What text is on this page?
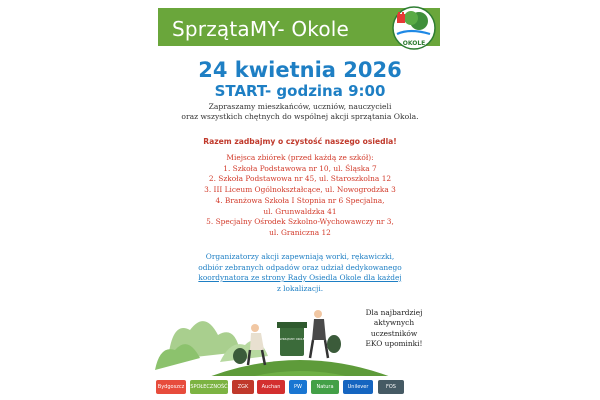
SprzątaMY- Okole
OKOLE
24 kwietnia 2026
START- godzina 9:00
Zapraszamy mieszkańców, uczniów, nauczycieli
oraz wszystkich chętnych do wspólnej akcji sprzątania Okola.
Razem zadbajmy o czystość naszego osiedla!
Miejsca zbiórek (przed każdą ze szkół):
1. Szkoła Podstawowa nr 10, ul. Śląska 7
2. Szkoła Podstawowa nr 45, ul. Staroszkolna 12
3. III Liceum Ogólnokształcące, ul. Nowogrodzka 3
4. Branżowa Szkoła I Stopnia nr 6 Specjalna,
ul. Grunwaldzka 41
5. Specjalny Ośrodek Szkolno-Wychowawczy nr 3,
ul. Graniczna 12
Organizatorzy akcji zapewniają worki, rękawiczki,
odbiór zebranych odpadów oraz udział dedykowanego
koordynatora ze strony Rady Osiedla Okole dla każdej
z lokalizacji.
SPRZĄTAMY OKOLE
Dla najbardziej
aktywnych
uczestników
EKO upominki!
Bydgoszcz	SPOŁECZNOŚĆ	ZGK	Auchan	PW	Natura	Unilever	FOS
